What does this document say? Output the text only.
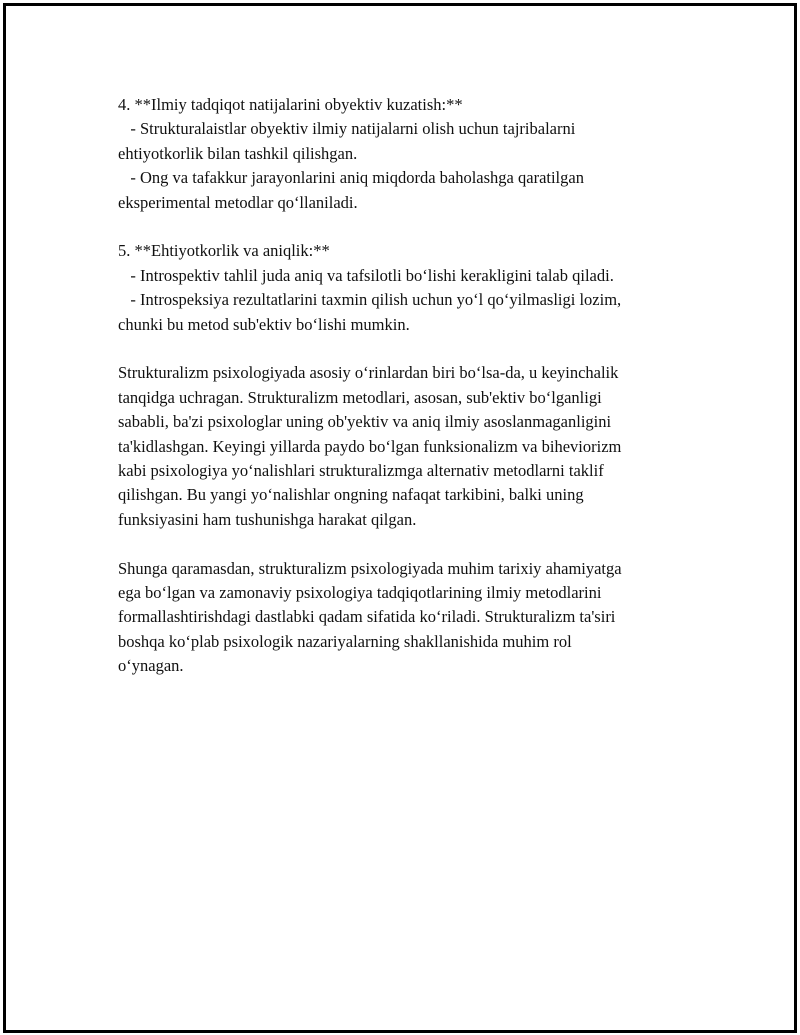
4. **Ilmiy tadqiqot natijalarini obyektiv kuzatish:**
- Strukturalaistlar obyektiv ilmiy natijalarni olish uchun tajribalarni
ehtiyotkorlik bilan tashkil qilishgan.
- Ong va tafakkur jarayonlarini aniq miqdorda baholashga qaratilgan
eksperimental metodlar qo‘llaniladi.
5. **Ehtiyotkorlik va aniqlik:**
- Introspektiv tahlil juda aniq va tafsilotli bo‘lishi kerakligini talab qiladi.
- Introspeksiya rezultatlarini taxmin qilish uchun yo‘l qo‘yilmasligi lozim,
chunki bu metod sub'ektiv bo‘lishi mumkin.
Strukturalizm psixologiyada asosiy o‘rinlardan biri bo‘lsa-da, u keyinchalik
tanqidga uchragan. Strukturalizm metodlari, asosan, sub'ektiv bo‘lganligi
sababli, ba'zi psixologlar uning ob'yektiv va aniq ilmiy asoslanmaganligini
ta'kidlashgan. Keyingi yillarda paydo bo‘lgan funksionalizm va biheviorizm
kabi psixologiya yo‘nalishlari strukturalizmga alternativ metodlarni taklif
qilishgan. Bu yangi yo‘nalishlar ongning nafaqat tarkibini, balki uning
funksiyasini ham tushunishga harakat qilgan.
Shunga qaramasdan, strukturalizm psixologiyada muhim tarixiy ahamiyatga
ega bo‘lgan va zamonaviy psixologiya tadqiqotlarining ilmiy metodlarini
formallashtirishdagi dastlabki qadam sifatida ko‘riladi. Strukturalizm ta'siri
boshqa ko‘plab psixologik nazariyalarning shakllanishida muhim rol
o‘ynagan.
